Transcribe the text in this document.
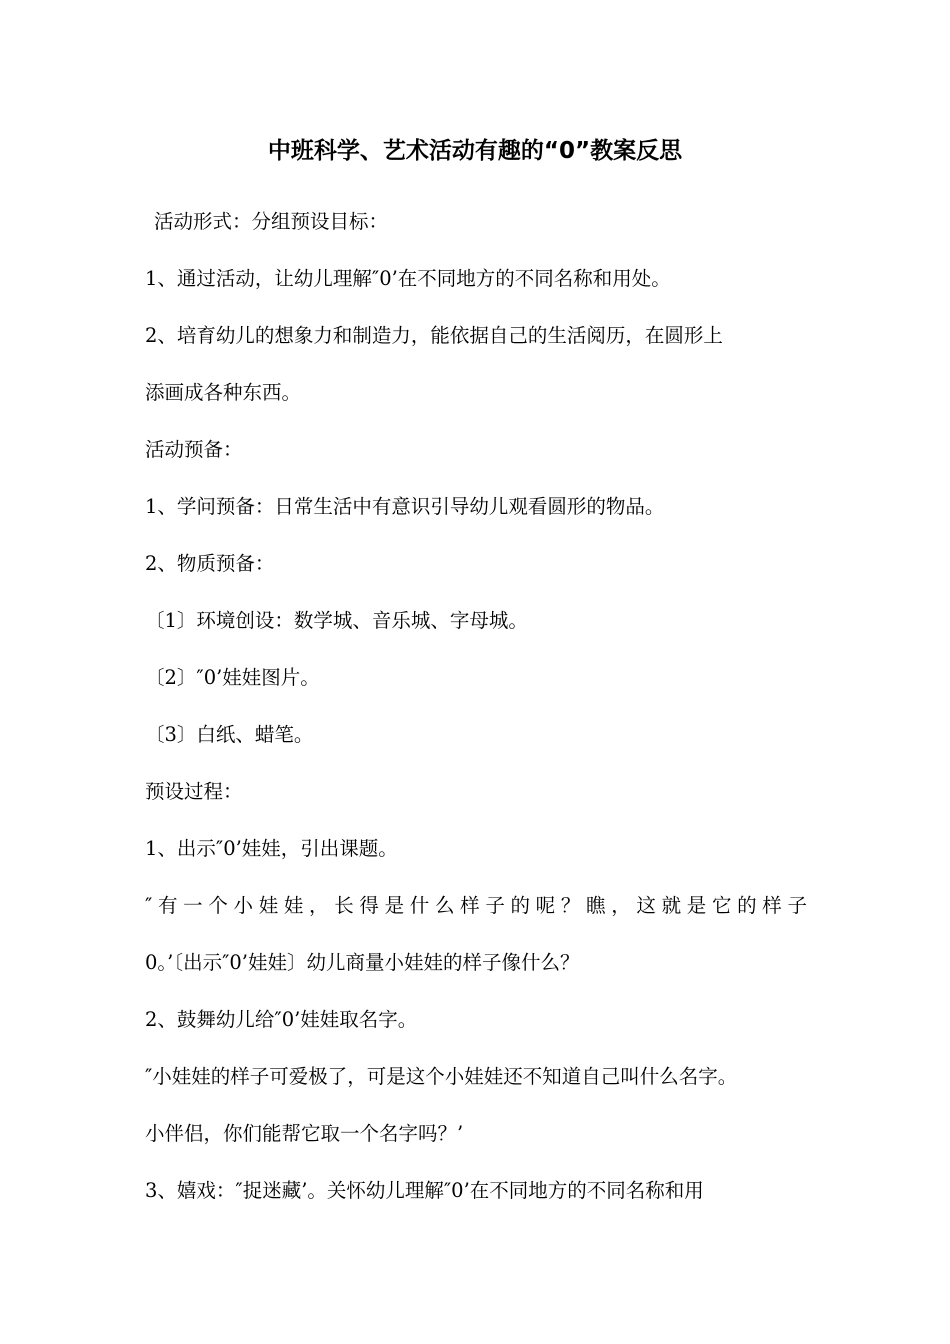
中班科学、艺术活动有趣的“0”教案反思
活动形式：分组预设目标：
1、通过活动，让幼儿理解″0’在不同地方的不同名称和用处。
2、培育幼儿的想象力和制造力，能依据自己的生活阅历，在圆形上
添画成各种东西。
活动预备：
1、学问预备：日常生活中有意识引导幼儿观看圆形的物品。
2、物质预备：
〔1〕环境创设：数学城、音乐城、字母城。
〔2〕″0’娃娃图片。
〔3〕白纸、蜡笔。
预设过程：
1、出示″0’娃娃，引出课题。
″有一个小娃娃，长得是什么样子的呢？瞧，这就是它的样子
0。’〔出示″0’娃娃〕幼儿商量小娃娃的样子像什么？
2、鼓舞幼儿给″0’娃娃取名字。
″小娃娃的样子可爱极了，可是这个小娃娃还不知道自己叫什么名字。
小伴侣，你们能帮它取一个名字吗？’
3、嬉戏：″捉迷藏’。关怀幼儿理解″0’在不同地方的不同名称和用
